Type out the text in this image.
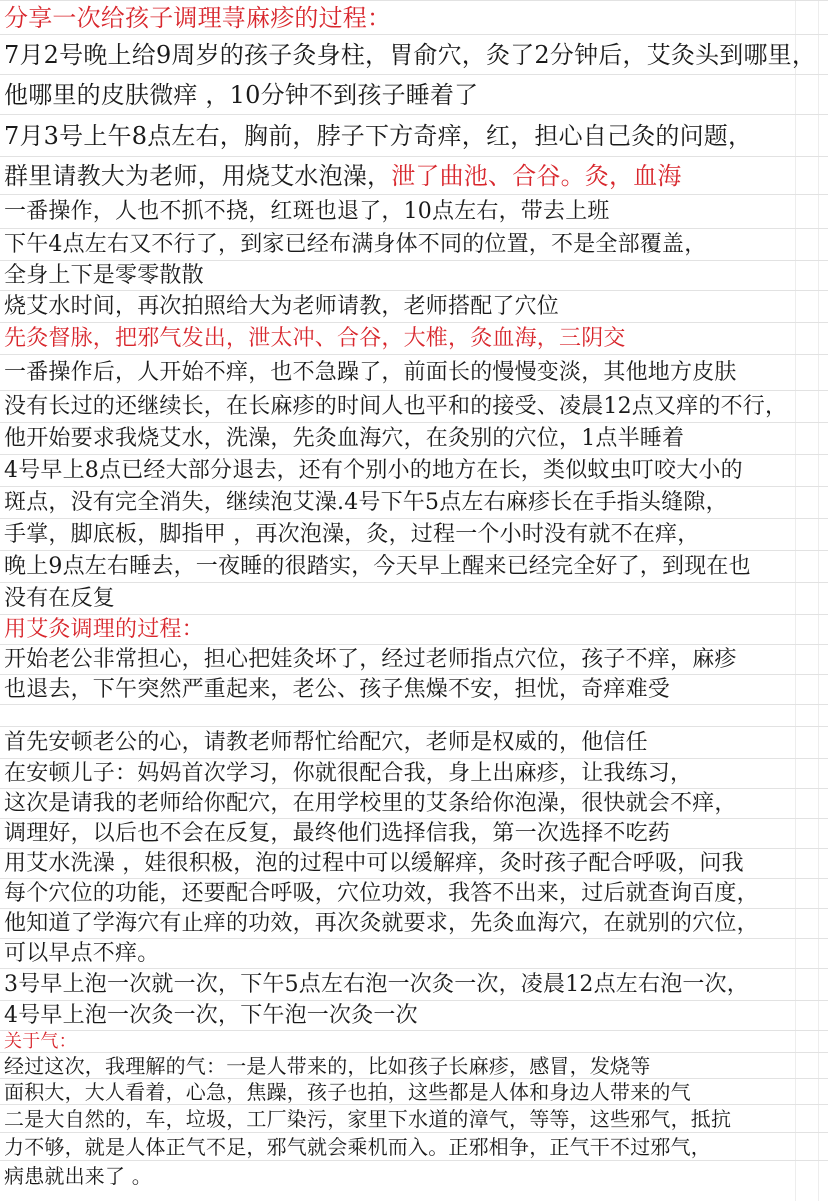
分享一次给孩子调理荨麻疹的过程：
7月2号晚上给9周岁的孩子灸身柱，胃俞穴，灸了2分钟后，艾灸头到哪里，
他哪里的皮肤微痒 ，10分钟不到孩子睡着了
7月3号上午8点左右，胸前，脖子下方奇痒，红，担心自己灸的问题，
群里请教大为老师，用烧艾水泡澡，泄了曲池、合谷。灸，血海
一番操作，人也不抓不挠，红斑也退了，10点左右，带去上班
下午4点左右又不行了，到家已经布满身体不同的位置，不是全部覆盖，
全身上下是零零散散
烧艾水时间，再次拍照给大为老师请教，老师搭配了穴位
先灸督脉，把邪气发出，泄太冲、合谷，大椎，灸血海，三阴交
一番操作后，人开始不痒，也不急躁了，前面长的慢慢变淡，其他地方皮肤
没有长过的还继续长，在长麻疹的时间人也平和的接受、凌晨12点又痒的不行，
他开始要求我烧艾水，洗澡，先灸血海穴，在灸别的穴位，1点半睡着
4号早上8点已经大部分退去，还有个别小的地方在长，类似蚊虫叮咬大小的
斑点，没有完全消失，继续泡艾澡.4号下午5点左右麻疹长在手指头缝隙，
手掌，脚底板，脚指甲 ，再次泡澡，灸，过程一个小时没有就不在痒，
晚上9点左右睡去，一夜睡的很踏实，今天早上醒来已经完全好了，到现在也
没有在反复
用艾灸调理的过程：
开始老公非常担心，担心把娃灸坏了，经过老师指点穴位，孩子不痒，麻疹
也退去，下午突然严重起来，老公、孩子焦燥不安，担忧，奇痒难受
首先安顿老公的心，请教老师帮忙给配穴，老师是权威的，他信任
在安顿儿子：妈妈首次学习，你就很配合我，身上出麻疹，让我练习，
这次是请我的老师给你配穴，在用学校里的艾条给你泡澡，很快就会不痒，
调理好，以后也不会在反复，最终他们选择信我，第一次选择不吃药
用艾水洗澡 ，娃很积极，泡的过程中可以缓解痒，灸时孩子配合呼吸，问我
每个穴位的功能，还要配合呼吸，穴位功效，我答不出来，过后就查询百度，
他知道了学海穴有止痒的功效，再次灸就要求，先灸血海穴，在就别的穴位，
可以早点不痒。
3号早上泡一次就一次，下午5点左右泡一次灸一次，凌晨12点左右泡一次，
4号早上泡一次灸一次，下午泡一次灸一次
关于气：
经过这次，我理解的气：一是人带来的，比如孩子长麻疹，感冒，发烧等
面积大，大人看着，心急，焦躁，孩子也拍，这些都是人体和身边人带来的气
二是大自然的，车，垃圾，工厂染污，家里下水道的漳气，等等，这些邪气，抵抗
力不够，就是人体正气不足，邪气就会乘机而入。正邪相争，正气干不过邪气，
病患就出来了 。
